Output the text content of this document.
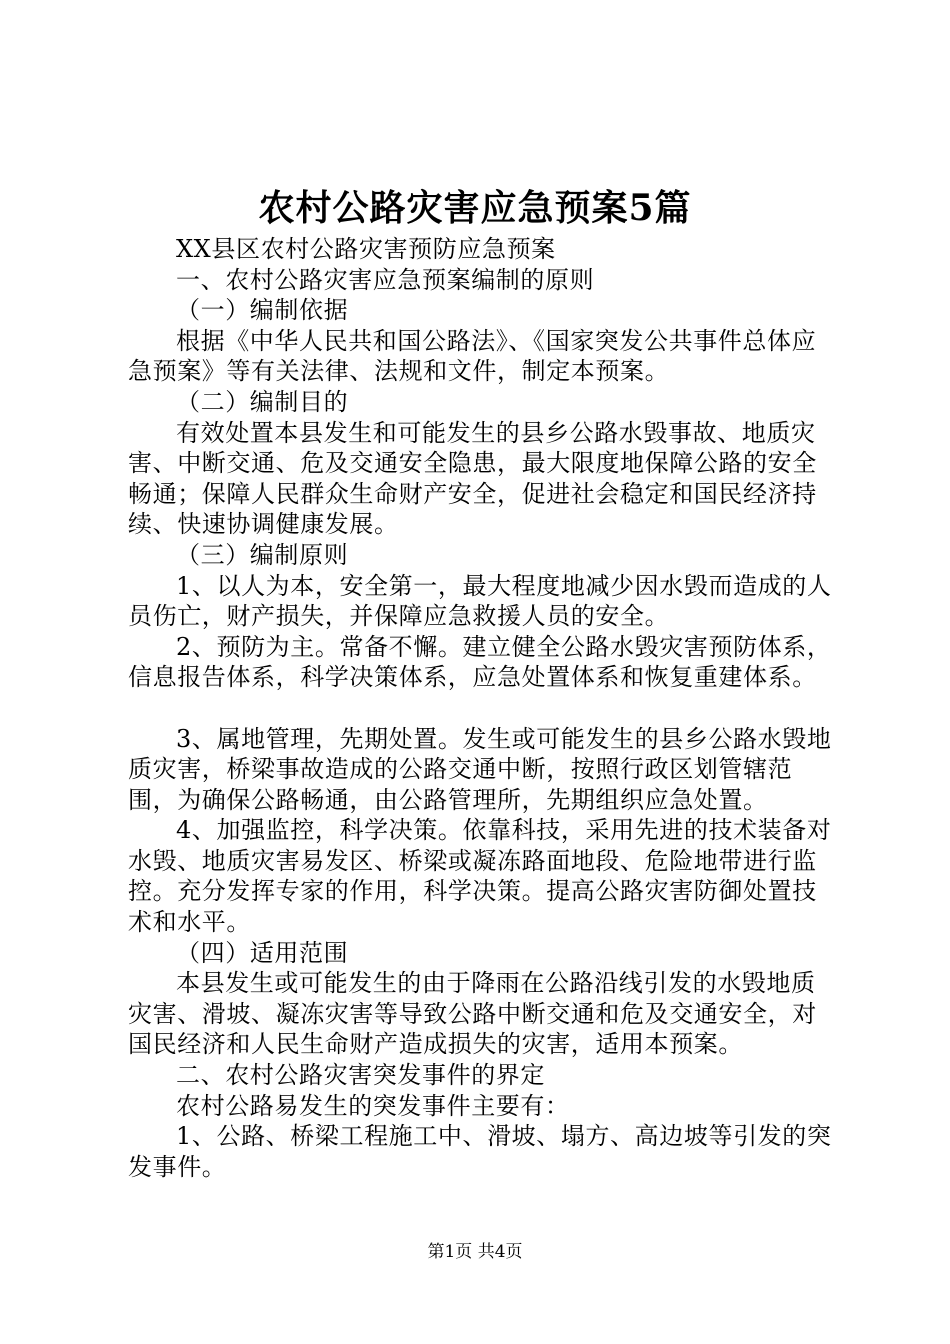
农村公路灾害应急预案5篇

XX县区农村公路灾害预防应急预案

一、农村公路灾害应急预案编制的原则

（一）编制依据

根据《中华人民共和国公路法》、《国家突发公共事件总体应急预案》等有关法律、法规和文件，制定本预案。

（二）编制目的

有效处置本县发生和可能发生的县乡公路水毁事故、地质灾害、中断交通、危及交通安全隐患，最大限度地保障公路的安全畅通；保障人民群众生命财产安全，促进社会稳定和国民经济持续、快速协调健康发展。

（三）编制原则

1、以人为本，安全第一，最大程度地减少因水毁而造成的人员伤亡，财产损失，并保障应急救援人员的安全。

2、预防为主。常备不懈。建立健全公路水毁灾害预防体系，信息报告体系，科学决策体系，应急处置体系和恢复重建体系。

3、属地管理，先期处置。发生或可能发生的县乡公路水毁地质灾害，桥梁事故造成的公路交通中断，按照行政区划管辖范围，为确保公路畅通，由公路管理所，先期组织应急处置。

4、加强监控，科学决策。依靠科技，采用先进的技术装备对水毁、地质灾害易发区、桥梁或凝冻路面地段、危险地带进行监控。充分发挥专家的作用，科学决策。提高公路灾害防御处置技术和水平。

（四）适用范围

本县发生或可能发生的由于降雨在公路沿线引发的水毁地质灾害、滑坡、凝冻灾害等导致公路中断交通和危及交通安全，对国民经济和人民生命财产造成损失的灾害，适用本预案。

二、农村公路灾害突发事件的界定

农村公路易发生的突发事件主要有：

1、公路、桥梁工程施工中、滑坡、塌方、高边坡等引发的突发事件。

第1页 共4页
